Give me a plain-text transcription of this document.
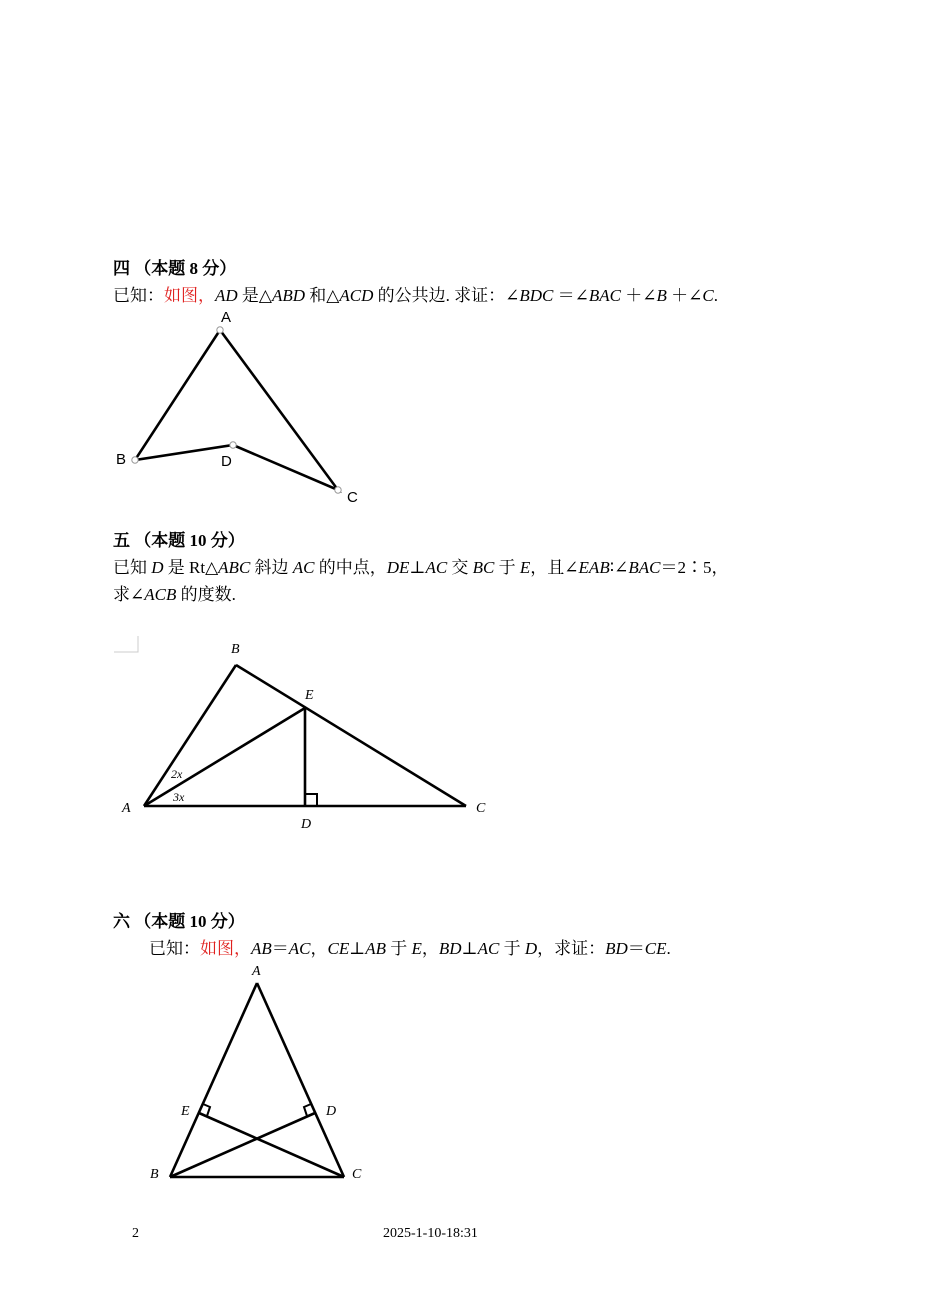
四 （本题 8 分）
已知：如图，AD 是△ABD 和△ACD 的公共边. 求证：∠BDC ＝∠BAC ＋∠B ＋∠C.
A
B	D
C
B
E
A
D
C
2x
3x
A
E	D
B	C
五 （本题 10 分）
已知 D 是 Rt△ABC 斜边 AC 的中点，DE⊥AC 交 BC 于 E，且∠EAB∶∠BAC＝2∶5，
求∠ACB 的度数.
六 （本题 10 分）
已知：如图，AB＝AC，CE⊥AB 于 E，BD⊥AC 于 D，求证：BD＝CE.
2	2025-1-10-18:31
